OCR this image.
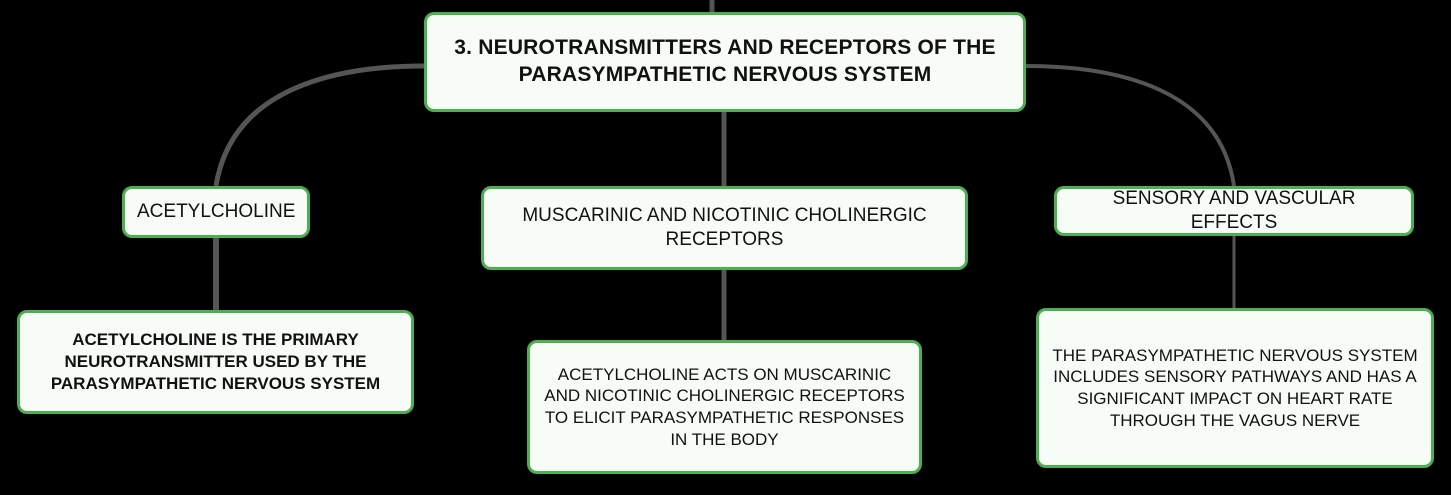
3. NEUROTRANSMITTERS AND RECEPTORS OF THE PARASYMPATHETIC NERVOUS SYSTEM
ACETYLCHOLINE	MUSCARINIC AND NICOTINIC CHOLINERGIC RECEPTORS
SENSORY AND VASCULAR EFFECTS
ACETYLCHOLINE IS THE PRIMARY NEUROTRANSMITTER USED BY THE PARASYMPATHETIC NERVOUS SYSTEM	ACETYLCHOLINE ACTS ON MUSCARINIC AND NICOTINIC CHOLINERGIC RECEPTORS TO ELICIT PARASYMPATHETIC RESPONSES IN THE BODY
THE PARASYMPATHETIC NERVOUS SYSTEM INCLUDES SENSORY PATHWAYS AND HAS A SIGNIFICANT IMPACT ON HEART RATE THROUGH THE VAGUS NERVE
